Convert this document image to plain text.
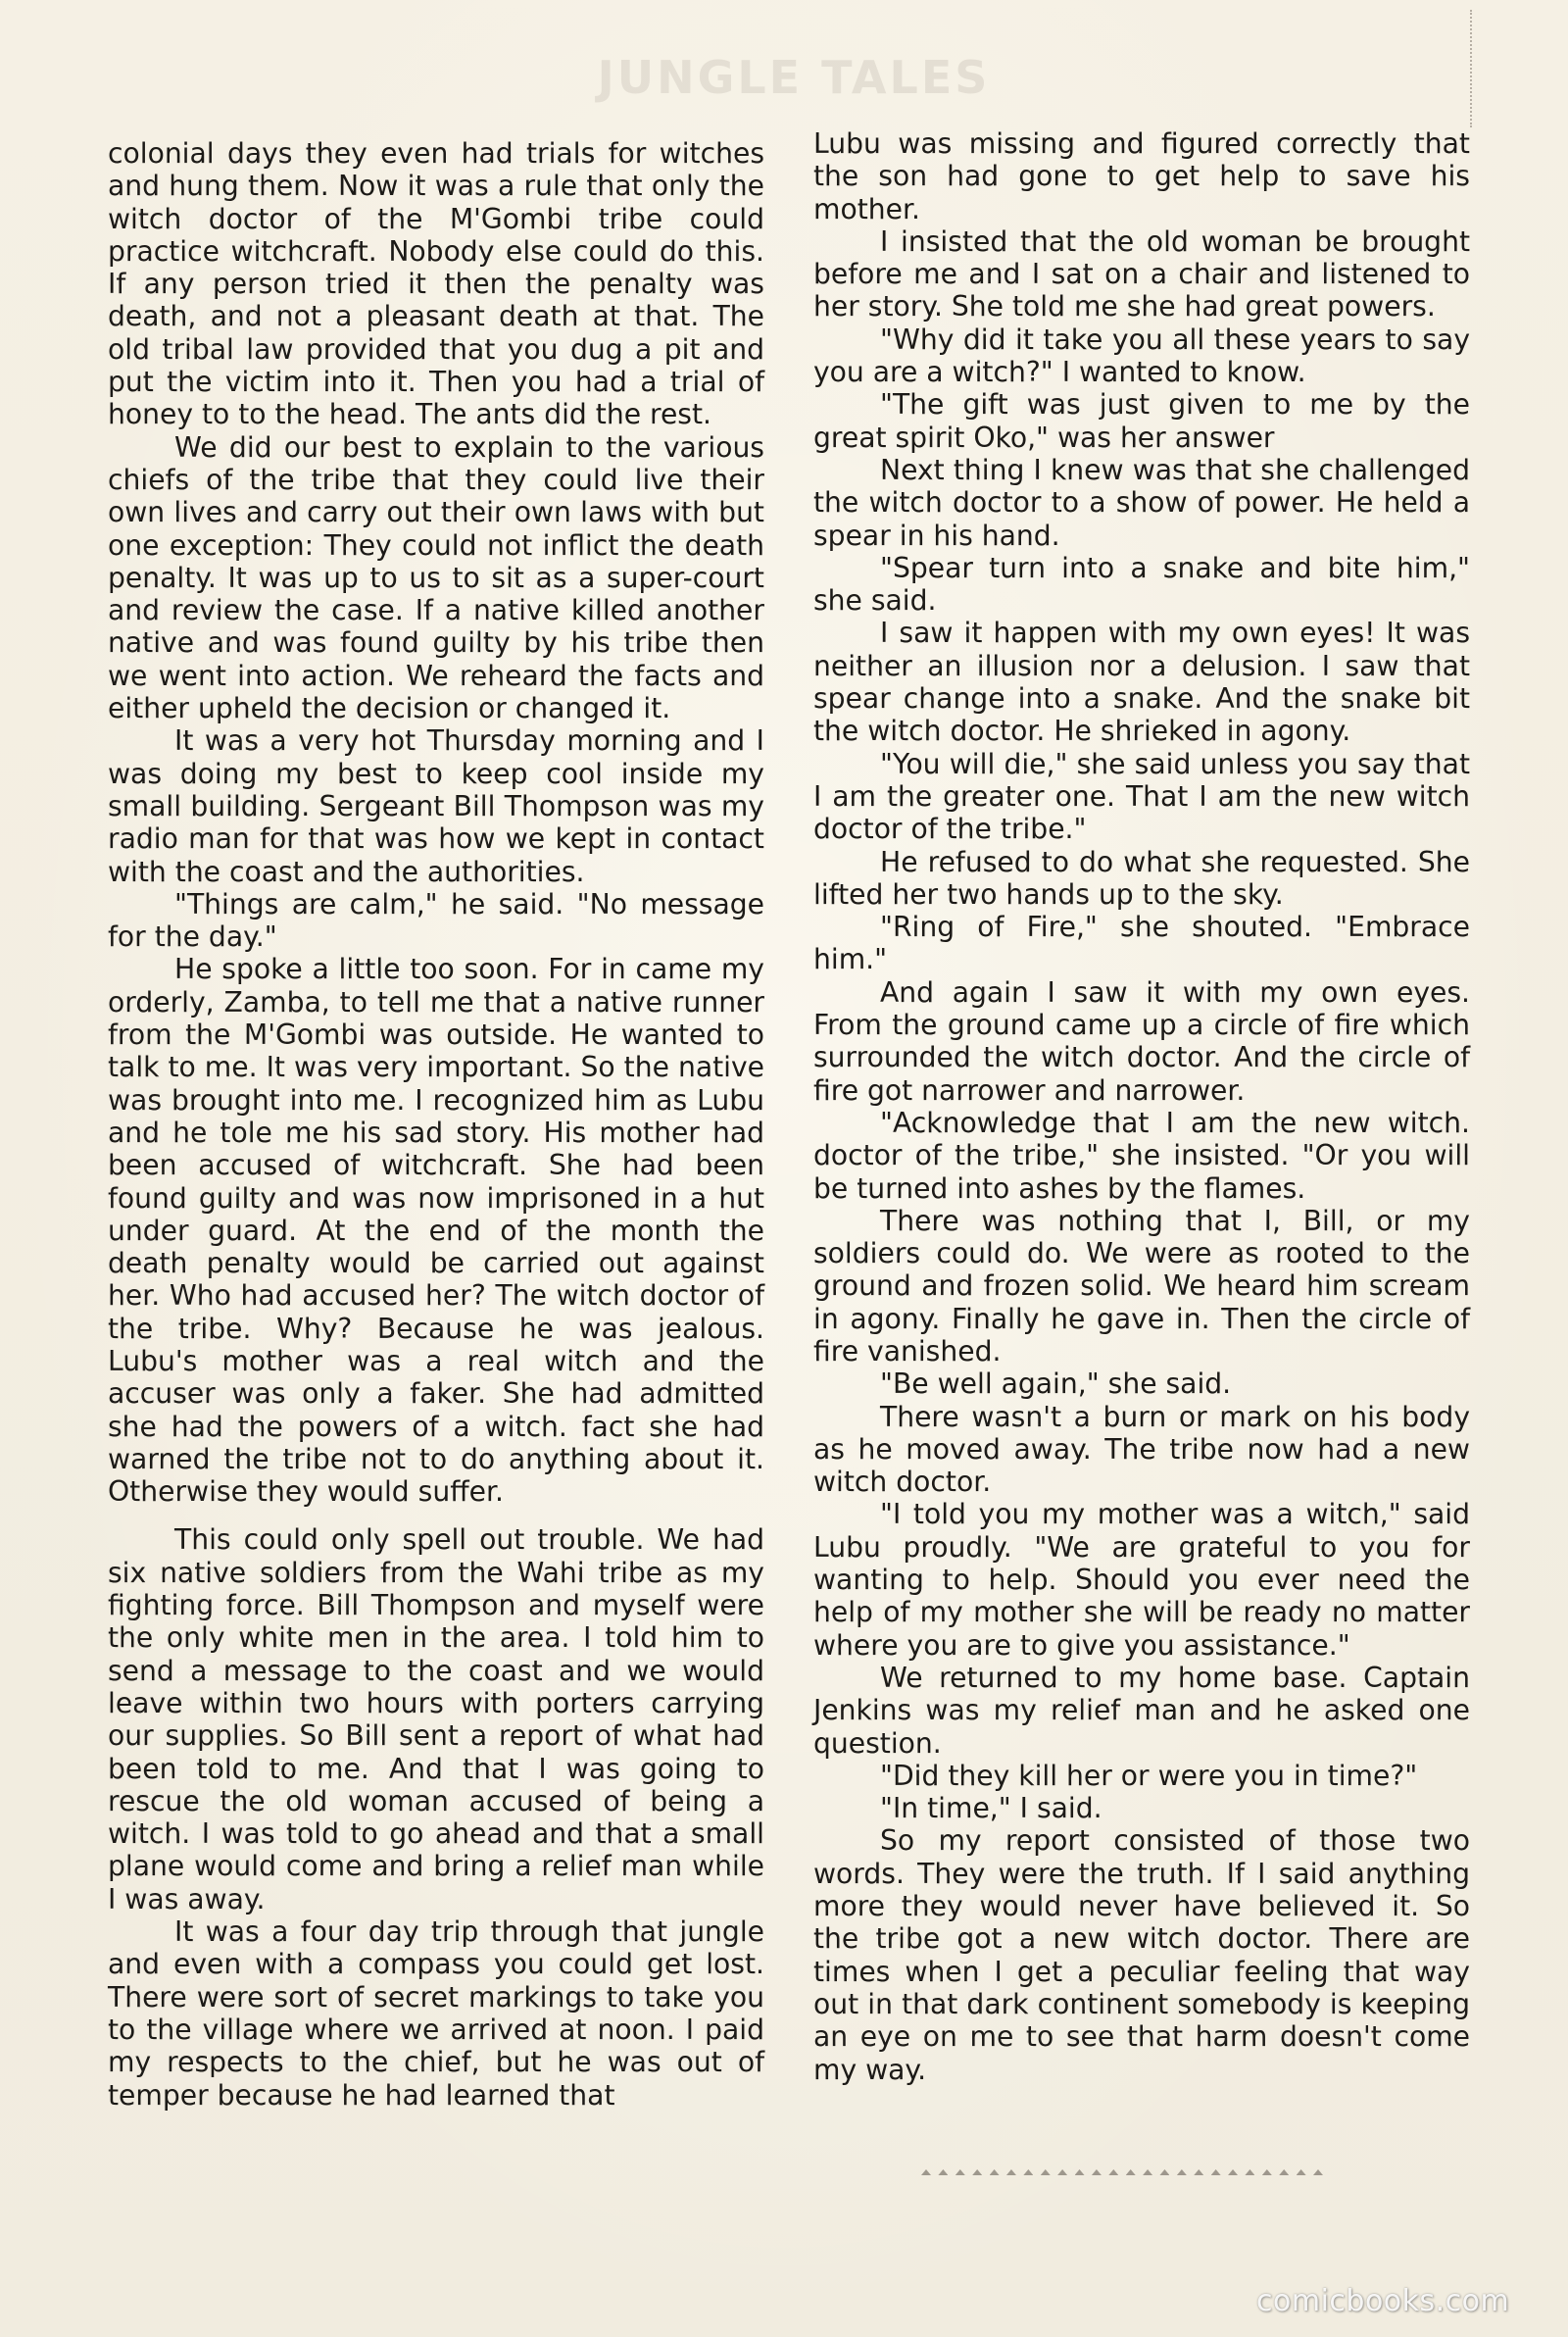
JUNGLE TALES

colonial days they even had trials for witches and hung them. Now it was a rule that only the witch doctor of the M'Gombi tribe could practice witchcraft. Nobody else could do this. If any person tried it then the penalty was death, and not a pleasant death at that. The old tribal law provided that you dug a pit and put the victim into it. Then you had a trial of honey to to the head. The ants did the rest.

We did our best to explain to the various chiefs of the tribe that they could live their own lives and carry out their own laws with but one exception: They could not inflict the death penalty. It was up to us to sit as a super-court and review the case. If a native killed another native and was found guilty by his tribe then we went into action. We reheard the facts and either upheld the decision or changed it.

It was a very hot Thursday morning and I was doing my best to keep cool inside my small building. Sergeant Bill Thompson was my radio man for that was how we kept in contact with the coast and the authorities.

"Things are calm," he said. "No message for the day."

He spoke a little too soon. For in came my orderly, Zamba, to tell me that a native runner from the M'Gombi was outside. He wanted to talk to me. It was very important. So the native was brought into me. I recognized him as Lubu and he tole me his sad story. His mother had been accused of witchcraft. She had been found guilty and was now imprisoned in a hut under guard. At the end of the month the death penalty would be carried out against her. Who had accused her? The witch doctor of the tribe. Why? Because he was jealous. Lubu's mother was a real witch and the accuser was only a faker. She had admitted she had the powers of a witch. fact she had warned the tribe not to do anything about it. Otherwise they would suffer.

This could only spell out trouble. We had six native soldiers from the Wahi tribe as my fighting force. Bill Thompson and myself were the only white men in the area. I told him to send a message to the coast and we would leave within two hours with porters carrying our supplies. So Bill sent a report of what had been told to me. And that I was going to rescue the old woman accused of being a witch. I was told to go ahead and that a small plane would come and bring a relief man while I was away.

It was a four day trip through that jungle and even with a compass you could get lost. There were sort of secret markings to take you to the village where we arrived at noon. I paid my respects to the chief, but he was out of temper because he had learned that

Lubu was missing and figured correctly that the son had gone to get help to save his mother.

I insisted that the old woman be brought before me and I sat on a chair and listened to her story. She told me she had great powers.

"Why did it take you all these years to say you are a witch?" I wanted to know.

"The gift was just given to me by the great spirit Oko," was her answer

Next thing I knew was that she challenged the witch doctor to a show of power. He held a spear in his hand.

"Spear turn into a snake and bite him," she said.

I saw it happen with my own eyes! It was neither an illusion nor a delusion. I saw that spear change into a snake. And the snake bit the witch doctor. He shrieked in agony.

"You will die," she said unless you say that I am the greater one. That I am the new witch doctor of the tribe."

He refused to do what she requested. She lifted her two hands up to the sky.

"Ring of Fire," she shouted. "Embrace him."

And again I saw it with my own eyes. From the ground came up a circle of fire which surrounded the witch doctor. And the circle of fire got narrower and narrower.

"Acknowledge that I am the new witch. doctor of the tribe," she insisted. "Or you will be turned into ashes by the flames.

There was nothing that I, Bill, or my soldiers could do. We were as rooted to the ground and frozen solid. We heard him scream in agony. Finally he gave in. Then the circle of fire vanished.

"Be well again," she said.

There wasn't a burn or mark on his body as he moved away. The tribe now had a new witch doctor.

"I told you my mother was a witch," said Lubu proudly. "We are grateful to you for wanting to help. Should you ever need the help of my mother she will be ready no matter where you are to give you assistance."

We returned to my home base. Captain Jenkins was my relief man and he asked one question.

"Did they kill her or were you in time?"

"In time," I said.

So my report consisted of those two words. They were the truth. If I said anything more they would never have believed it. So the tribe got a new witch doctor. There are times when I get a peculiar feeling that way out in that dark continent somebody is keeping an eye on me to see that harm doesn't come my way.

comicbooks.com
